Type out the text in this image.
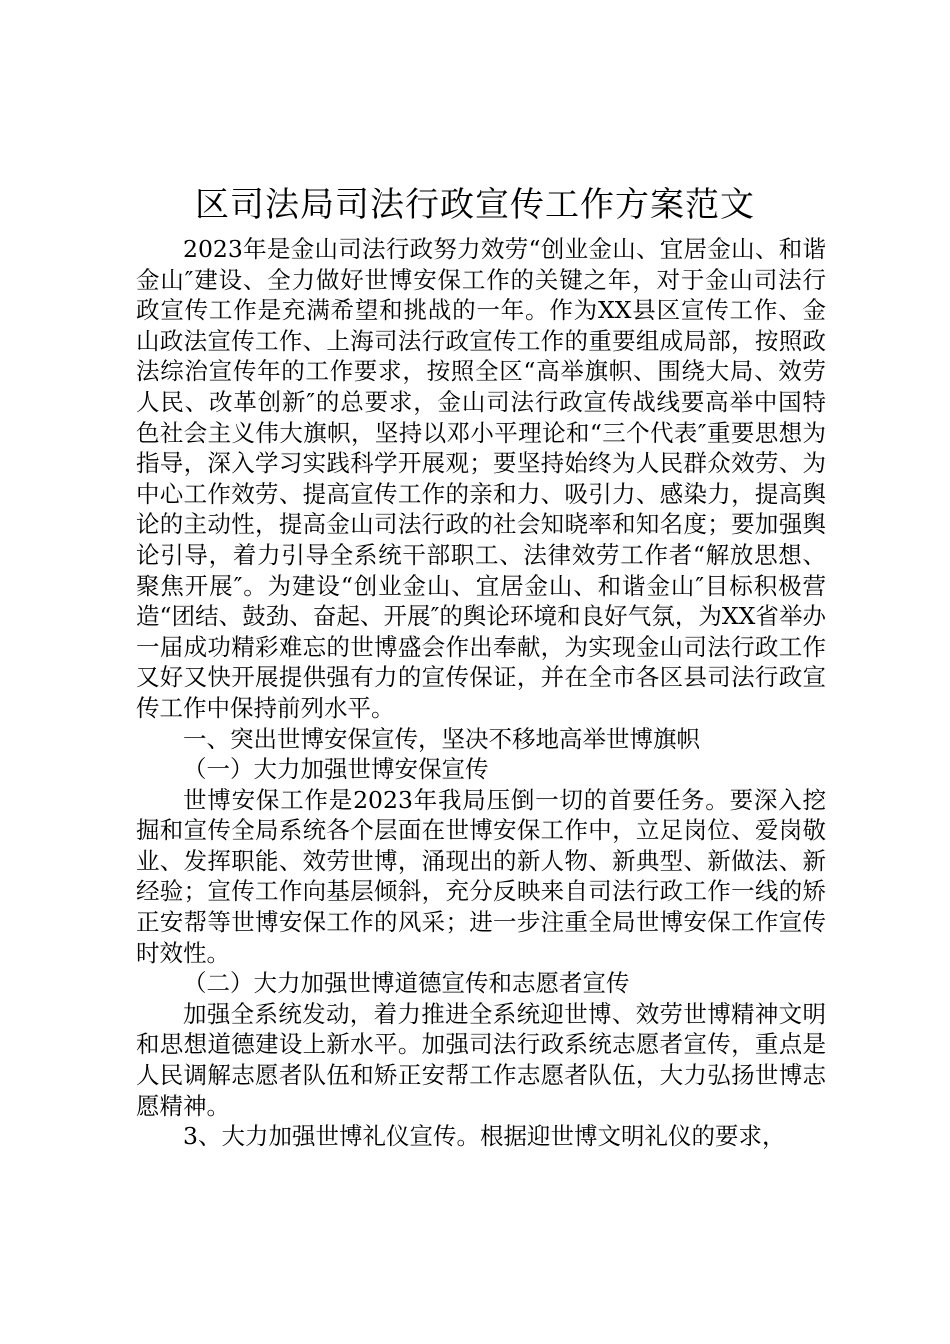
区司法局司法行政宣传工作方案范文

2023年是金山司法行政努力效劳“创业金山、宜居金山、和谐金山″建设、全力做好世博安保工作的关键之年，对于金山司法行政宣传工作是充满希望和挑战的一年。作为XX县区宣传工作、金山政法宣传工作、上海司法行政宣传工作的重要组成局部，按照政法综治宣传年的工作要求，按照全区“高举旗帜、围绕大局、效劳人民、改革创新″的总要求，金山司法行政宣传战线要高举中国特色社会主义伟大旗帜，坚持以邓小平理论和“三个代表″重要思想为指导，深入学习实践科学开展观；要坚持始终为人民群众效劳、为中心工作效劳、提高宣传工作的亲和力、吸引力、感染力，提高舆论的主动性，提高金山司法行政的社会知晓率和知名度；要加强舆论引导，着力引导全系统干部职工、法律效劳工作者“解放思想、聚焦开展″。为建设“创业金山、宜居金山、和谐金山″目标积极营造“团结、鼓劲、奋起、开展″的舆论环境和良好气氛，为XX省举办一届成功精彩难忘的世博盛会作出奉献，为实现金山司法行政工作又好又快开展提供强有力的宣传保证，并在全市各区县司法行政宣传工作中保持前列水平。

一、突出世博安保宣传，坚决不移地高举世博旗帜

（一）大力加强世博安保宣传

世博安保工作是2023年我局压倒一切的首要任务。要深入挖掘和宣传全局系统各个层面在世博安保工作中，立足岗位、爱岗敬业、发挥职能、效劳世博，涌现出的新人物、新典型、新做法、新经验；宣传工作向基层倾斜，充分反映来自司法行政工作一线的矫正安帮等世博安保工作的风采；进一步注重全局世博安保工作宣传时效性。

（二）大力加强世博道德宣传和志愿者宣传

加强全系统发动，着力推进全系统迎世博、效劳世博精神文明和思想道德建设上新水平。加强司法行政系统志愿者宣传，重点是人民调解志愿者队伍和矫正安帮工作志愿者队伍，大力弘扬世博志愿精神。

3、大力加强世博礼仪宣传。根据迎世博文明礼仪的要求，
